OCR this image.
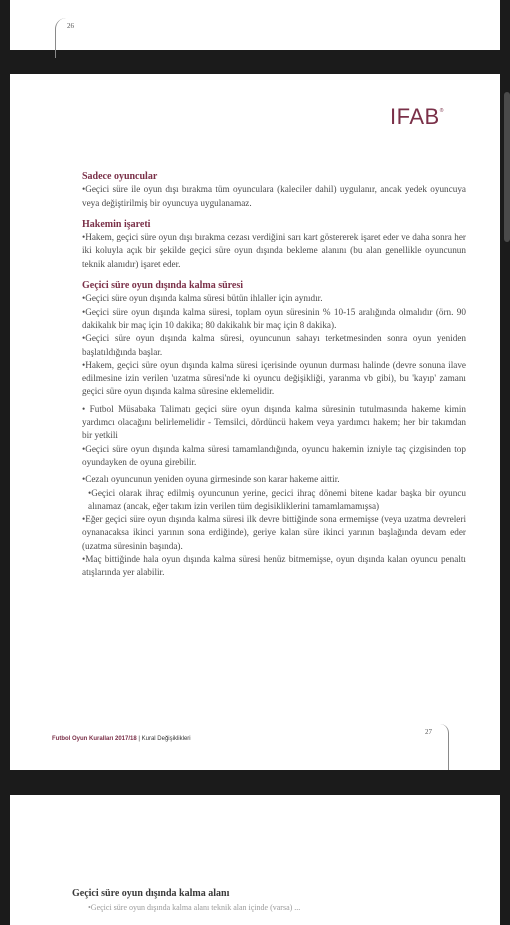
26
IFAB®

Sadece oyuncular

•Geçici süre ile oyun dışı bırakma tüm oyunculara (kaleciler dahil) uygulanır, ancak yedek oyuncuya veya değiştirilmiş bir oyuncuya uygulanamaz.

Hakemin işareti

•Hakem, geçici süre oyun dışı bırakma cezası verdiğini sarı kart göstererek işaret eder ve daha sonra her iki koluyla açık bir şekilde geçici süre oyun dışında bekleme alanını (bu alan genellikle oyuncunun teknik alanıdır) işaret eder.

Geçici süre oyun dışında kalma süresi

•Geçici süre oyun dışında kalma süresi bütün ihlaller için aynıdır.

•Geçici süre oyun dışında kalma süresi, toplam oyun süresinin % 10-15 aralığında olmalıdır (örn. 90 dakikalık bir maç için 10 dakika; 80 dakikalık bir maç için 8 dakika).

•Geçici süre oyun dışında kalma süresi, oyuncunun sahayı terketmesinden sonra oyun yeniden başlatıldığında başlar.

•Hakem, geçici süre oyun dışında kalma süresi içerisinde oyunun durması halinde (devre sonuna ilave edilmesine izin verilen 'uzatma süresi'nde ki oyuncu değişikliği, yaranma vb gibi), bu 'kayıp' zamanı geçici süre oyun dışında kalma süresine eklemelidir.

• Futbol Müsabaka Talimatı geçici süre oyun dışında kalma süresinin tutulmasında hakeme kimin yardımcı olacağını belirlemelidir - Temsilci, dördüncü hakem veya yardımcı hakem; her bir takımdan bir yetkili

•Geçici süre oyun dışında kalma süresi tamamlandığında, oyuncu hakemin izniyle taç çizgisinden top oyundayken de oyuna girebilir.

•Cezalı oyuncunun yeniden oyuna girmesinde son karar hakeme aittir.

•Geçici olarak ihraç edilmiş oyuncunun yerine, gecici ihraç dönemi bitene kadar başka bir oyuncu alınamaz (ancak, eğer takım izin verilen tüm degisikliklerini tamamlamamışsa)

•Eğer geçici süre oyun dışında kalma süresi ilk devre bittiğinde sona ermemişse (veya uzatma devreleri oynanacaksa ikinci yarının sona erdiğinde), geriye kalan süre ikinci yarının başlağında devam eder (uzatma süresinin başında).

•Maç bittiğinde hala oyun dışında kalma süresi henüz bitmemişse, oyun dışında kalan oyuncu penaltı atışlarında yer alabilir.

Futbol Oyun Kuralları 2017/18 | Kural Değişiklikleri
27
Geçici süre oyun dışında kalma alanı
•Geçici süre oyun dışında kalma alanı teknik alan içinde (varsa) ...
